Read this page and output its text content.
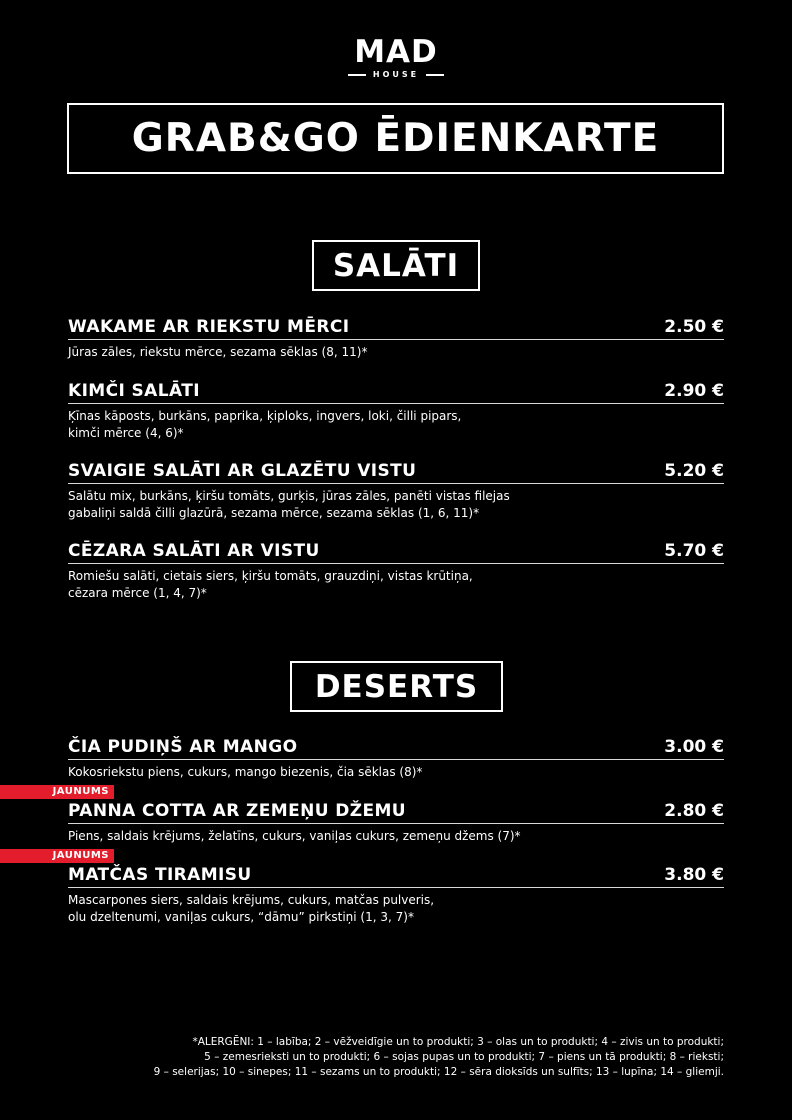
MAD
HOUSE
GRAB&GO ĒDIENKARTE
SALĀTI
WAKAME AR RIEKSTU MĒRCI	2.50 €
Jūras zāles, riekstu mērce, sezama sēklas (8, 11)*
KIMČI SALĀTI	2.90 €
Ķīnas kāposts, burkāns, paprika, ķiploks, ingvers, loki, čilli pipars,
kimči mērce (4, 6)*
SVAIGIE SALĀTI AR GLAZĒTU VISTU	5.20 €
Salātu mix, burkāns, ķiršu tomāts, gurķis, jūras zāles, panēti vistas filejas
gabaliņi saldā čilli glazūrā, sezama mērce, sezama sēklas (1, 6, 11)*
CĒZARA SALĀTI AR VISTU	5.70 €
Romiešu salāti, cietais siers, ķiršu tomāts, grauzdiņi, vistas krūtiņa,
cēzara mērce (1, 4, 7)*
DESERTS
ČIA PUDIŅŠ AR MANGO	3.00 €
Kokosriekstu piens, cukurs, mango biezenis, čia sēklas (8)*
JAUNUMS
PANNA COTTA AR ZEMEŅU DŽEMU	2.80 €
Piens, saldais krējums, želatīns, cukurs, vaniļas cukurs, zemeņu džems (7)*
JAUNUMS
MATČAS TIRAMISU	3.80 €
Mascarpones siers, saldais krējums, cukurs, matčas pulveris,
olu dzeltenumi, vaniļas cukurs, “dāmu” pirkstiņi (1, 3, 7)*
*ALERGĒNI: 1 – labība; 2 – vēžveidīgie un to produkti; 3 – olas un to produkti; 4 – zivis un to produkti;
5 – zemesrieksti un to produkti; 6 – sojas pupas un to produkti; 7 – piens un tā produkti; 8 – rieksti;
9 – selerijas; 10 – sinepes; 11 – sezams un to produkti; 12 – sēra dioksīds un sulfīts; 13 – lupīna; 14 – gliemji.
